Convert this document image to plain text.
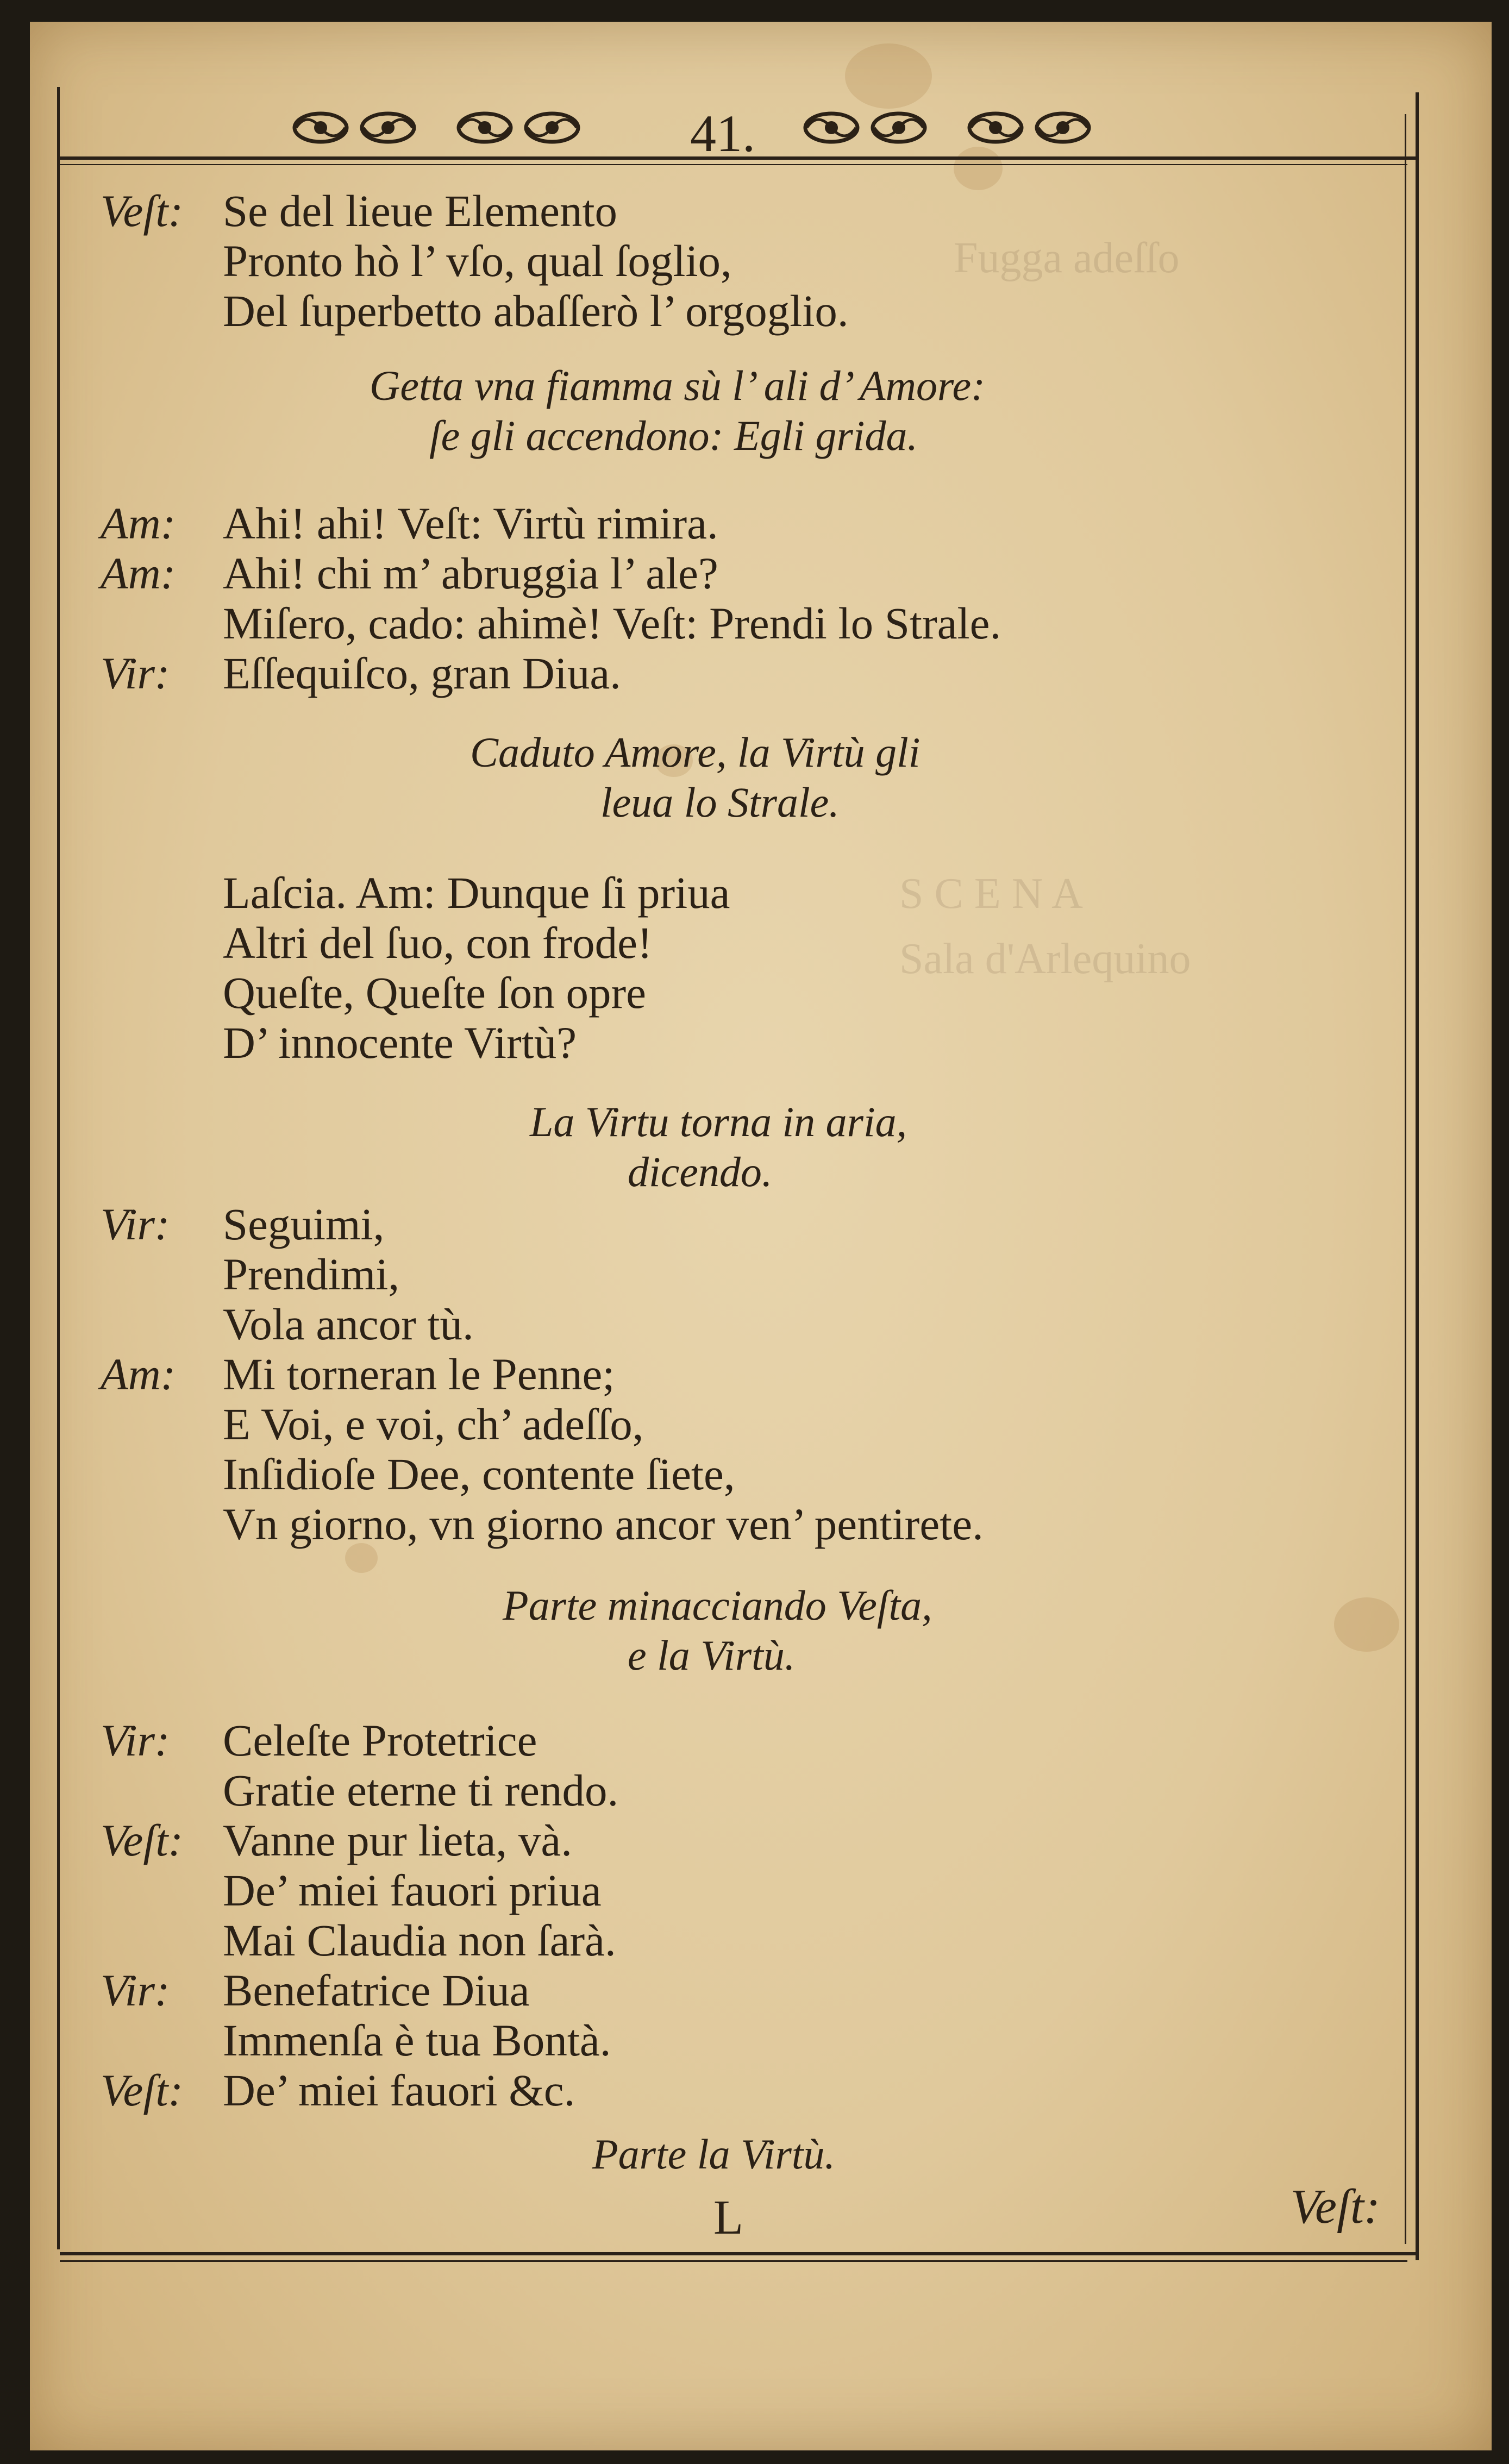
Fugga adeſſo
S C E N A
Sala d'Arlequino
41.
Veſt: Se del lieue Elemento
Pronto hò l’ vſo, qual ſoglio,
Del ſuperbetto abaſſerò l’ orgoglio.
Getta vna fiamma sù l’ ali d’ Amore:
ſe gli accendono: Egli grida.
Am: Ahi! ahi! Veſt: Virtù rimira.
Am: Ahi! chi m’ abruggia l’ ale?
Miſero, cado: ahimè! Veſt: Prendi lo Strale.
Vir: Eſſequiſco, gran Diua.
Caduto Amore, la Virtù gli
leua lo Strale.
Laſcia. Am: Dunque ſi priua
Altri del ſuo, con frode!
Queſte, Queſte ſon opre
D’ innocente Virtù?
La Virtu torna in aria,
dicendo.
Vir: Seguimi,
Prendimi,
Vola ancor tù.
Am: Mi torneran le Penne;
E Voi, e voi, ch’ adeſſo,
Inſidioſe Dee, contente ſiete,
Vn giorno, vn giorno ancor ven’ pentirete.
Parte minacciando Veſta,
e la Virtù.
Vir: Celeſte Protetrice
Gratie eterne ti rendo.
Veſt: Vanne pur lieta, và.
De’ miei fauori priua
Mai Claudia non ſarà.
Vir: Benefatrice Diua
Immenſa è tua Bontà.
Veſt: De’ miei fauori &c.
Parte la Virtù.
L	Veſt:
